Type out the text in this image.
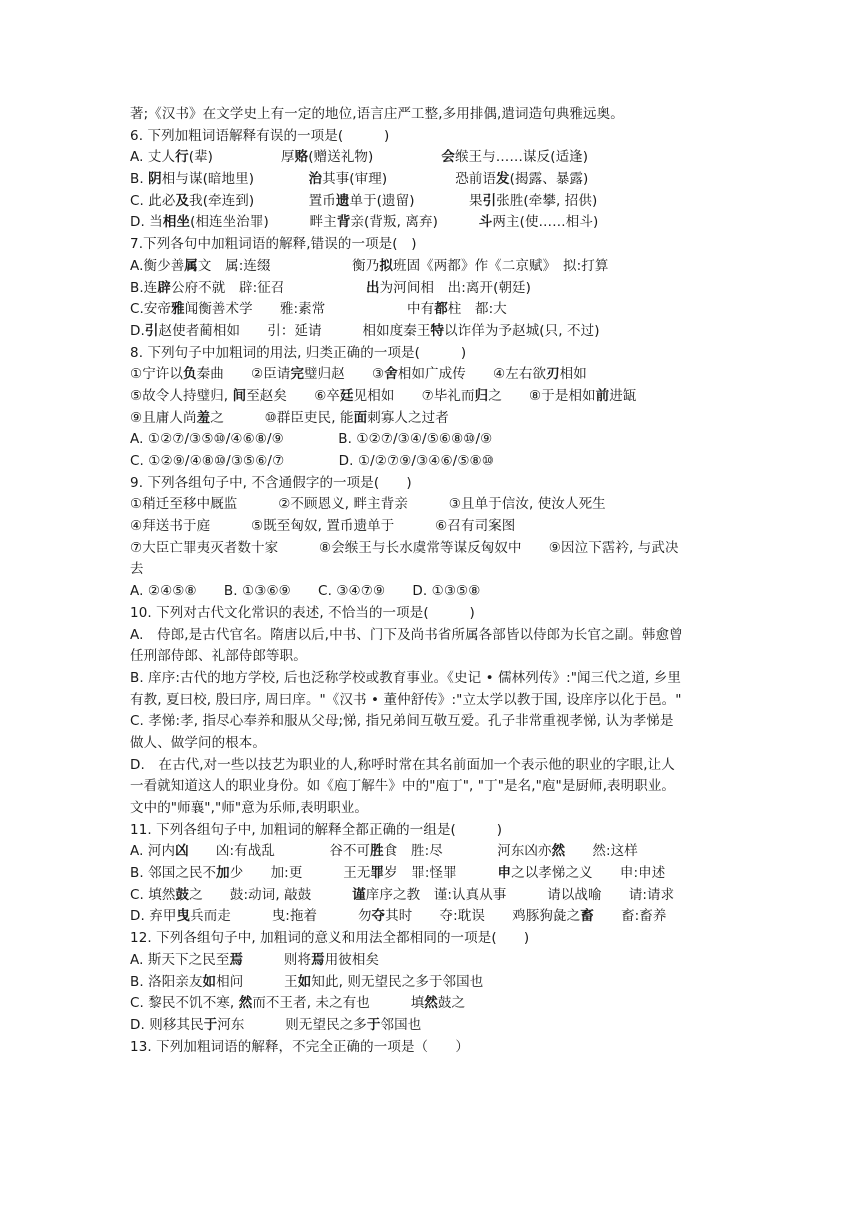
著;《汉书》在文学史上有一定的地位,语言庄严工整,多用排偶,遣词造句典雅远奥。
6. 下列加粗词语解释有误的一项是(　　　)
A. 丈人行(辈)　　　　　厚赂(赠送礼物)　　　　　会缑王与……谋反(适逢)
B. 阴相与谋(暗地里)　　　　治其事(审理)　　　　　恐前语发(揭露、暴露)
C. 此必及我(牵连到)　　　　置币遗单于(遗留)　　　　果引张胜(牵攀, 招供)
D. 当相坐(相连坐治罪)　　　畔主背亲(背叛, 离弃)　　　斗两主(使……相斗)
7.下列各句中加粗词语的解释,错误的一项是(　)
A.衡少善属文　属:连缀　　　　　　衡乃拟班固《两都》作《二京赋》　拟:打算
B.连辟公府不就　辟:征召　　　　　　出为河间相　出:离开(朝廷)
C.安帝雅闻衡善术学　　雅:素常　　　　　　中有都柱　都:大
D.引赵使者蔺相如　　引：延请　　　相如度秦王特以诈佯为予赵城(只, 不过)
8. 下列句子中加粗词的用法, 归类正确的一项是(　　　)
①宁许以负秦曲　　②臣请完璧归赵　　③舍相如广成传　　④左右欲刃相如
⑤故令人持璧归, 间至赵矣　　⑥卒廷见相如　　⑦毕礼而归之　　⑧于是相如前进缻
⑨且庸人尚羞之　　　⑩群臣吏民, 能面刺寡人之过者
A. ①②⑦/③⑤⑩/④⑥⑧/⑨　　　　B. ①②⑦/③④/⑤⑥⑧⑩/⑨
C. ①②⑨/④⑧⑩/③⑤⑥/⑦　　　　D. ①/②⑦⑨/③④⑥/⑤⑧⑩
9. 下列各组句子中, 不含通假字的一项是(　　)
①稍迁至移中厩监　　　②不顾恩义, 畔主背亲　　　③且单于信汝, 使汝人死生
④拜送书于庭　　　⑤既至匈奴, 置币遗单于　　　⑥召有司案图
⑦大臣亡罪夷灭者数十家　　　⑧会缑王与长水虞常等谋反匈奴中　　⑨因泣下霑衿, 与武决
去
A. ②④⑤⑧　　B. ①③⑥⑨　　C. ③④⑦⑨　　D. ①③⑤⑧
10. 下列对古代文化常识的表述, 不恰当的一项是(　　　)
A.　侍郎,是古代官名。隋唐以后,中书、门下及尚书省所属各部皆以侍郎为长官之副。韩愈曾
任刑部侍郎、礼部侍郎等职。
B. 庠序:古代的地方学校, 后也泛称学校或教育事业。《史记 • 儒林列传》:"闻三代之道, 乡里
有教, 夏曰校, 殷曰序, 周曰庠。"《汉书 • 董仲舒传》:"立太学以教于国, 设庠序以化于邑。"
C. 孝悌:孝, 指尽心奉养和服从父母;悌, 指兄弟间互敬互爱。孔子非常重视孝悌, 认为孝悌是
做人、做学问的根本。
D.　在古代,对一些以技艺为职业的人,称呼时常在其名前面加一个表示他的职业的字眼,让人
一看就知道这人的职业身份。如《庖丁解牛》中的"庖丁", "丁"是名,"庖"是厨师,表明职业。
文中的"师襄","师"意为乐师,表明职业。
11. 下列各组句子中, 加粗词的解释全都正确的一组是(　　　)
A. 河内凶　　凶:有战乱　　　　谷不可胜食　胜:尽　　　　河东凶亦然　　然:这样
B. 邻国之民不加少　　加:更　　　王无罪岁　罪:怪罪　　　申之以孝悌之义　　申:申述
C. 填然鼓之　　鼓:动词, 敲鼓　　　谨庠序之教　谨:认真从事　　　请以战喻　　请:请求
D. 弃甲曳兵而走　　　曳:拖着　　　勿夺其时　　夺:耽误　　鸡豚狗彘之畜　　畜:畜养
12. 下列各组句子中, 加粗词的意义和用法全都相同的一项是(　　)
A. 斯天下之民至焉　　　则将焉用彼相矣
B. 洛阳亲友如相问　　　王如知此, 则无望民之多于邻国也
C. 黎民不饥不寒, 然而不王者, 未之有也　　　填然鼓之
D. 则移其民于河东　　　则无望民之多于邻国也
13. 下列加粗词语的解释，不完全正确的一项是（　　）
